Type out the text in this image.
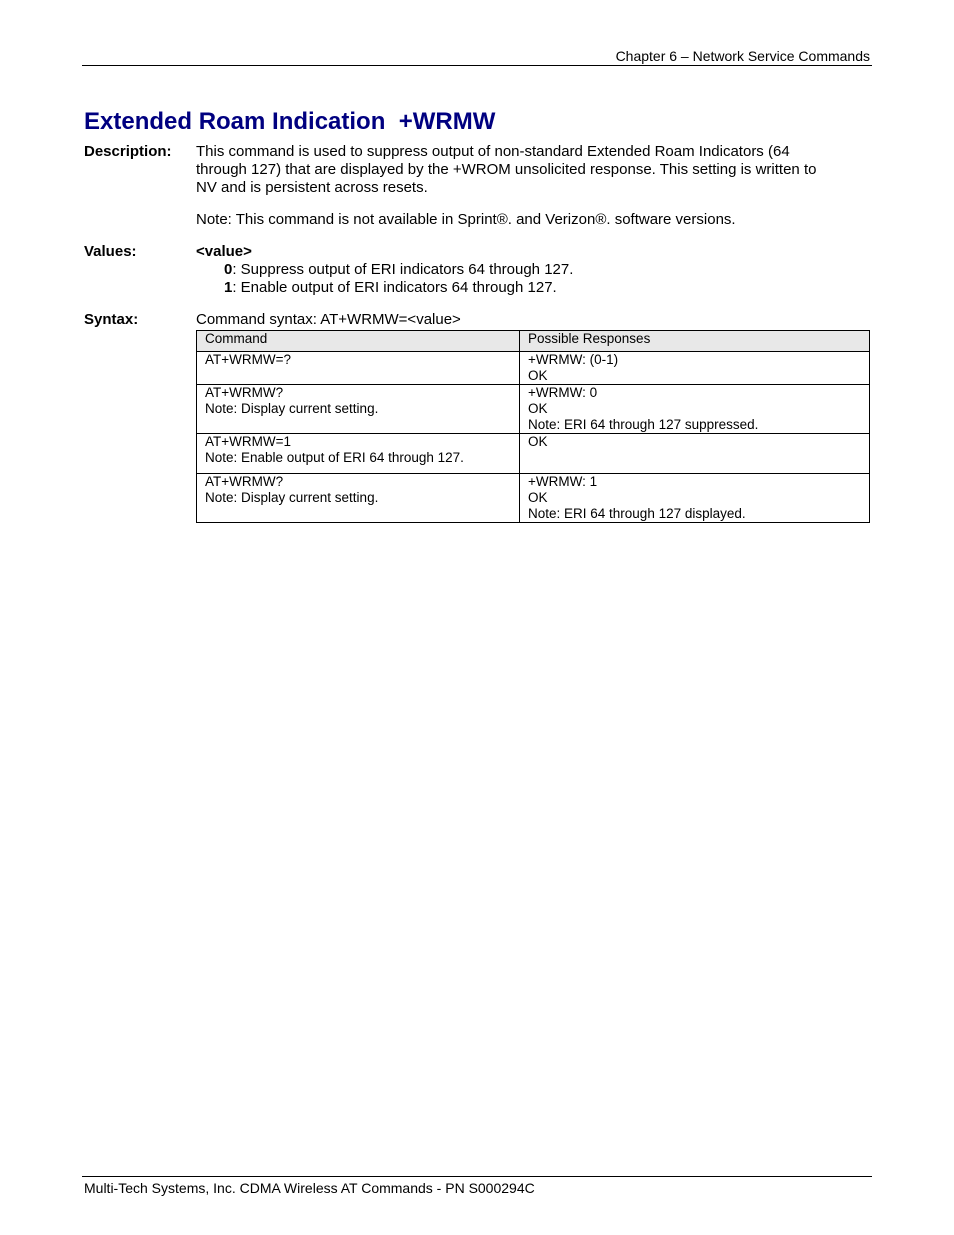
Chapter 6 – Network Service Commands
Extended Roam Indication  +WRMW
Description: This command is used to suppress output of non-standard Extended Roam Indicators (64 through 127) that are displayed by the +WROM unsolicited response. This setting is written to NV and is persistent across resets.
Note: This command is not available in Sprint®. and Verizon®. software versions.
Values:	<value>
0: Suppress output of ERI indicators 64 through 127.
1: Enable output of ERI indicators 64 through 127.
Syntax:	Command syntax: AT+WRMW=<value>
Command	Possible Responses

AT+WRMW=?	+WRMW: (0-1)
OK

AT+WRMW?
Note: Display current setting.	+WRMW: 0
OK
Note: ERI 64 through 127 suppressed.

AT+WRMW=1
Note: Enable output of ERI 64 through 127.	OK

AT+WRMW?
Note: Display current setting.	+WRMW: 1
OK
Note: ERI 64 through 127 displayed.
Multi-Tech Systems, Inc. CDMA Wireless AT Commands - PN S000294C
